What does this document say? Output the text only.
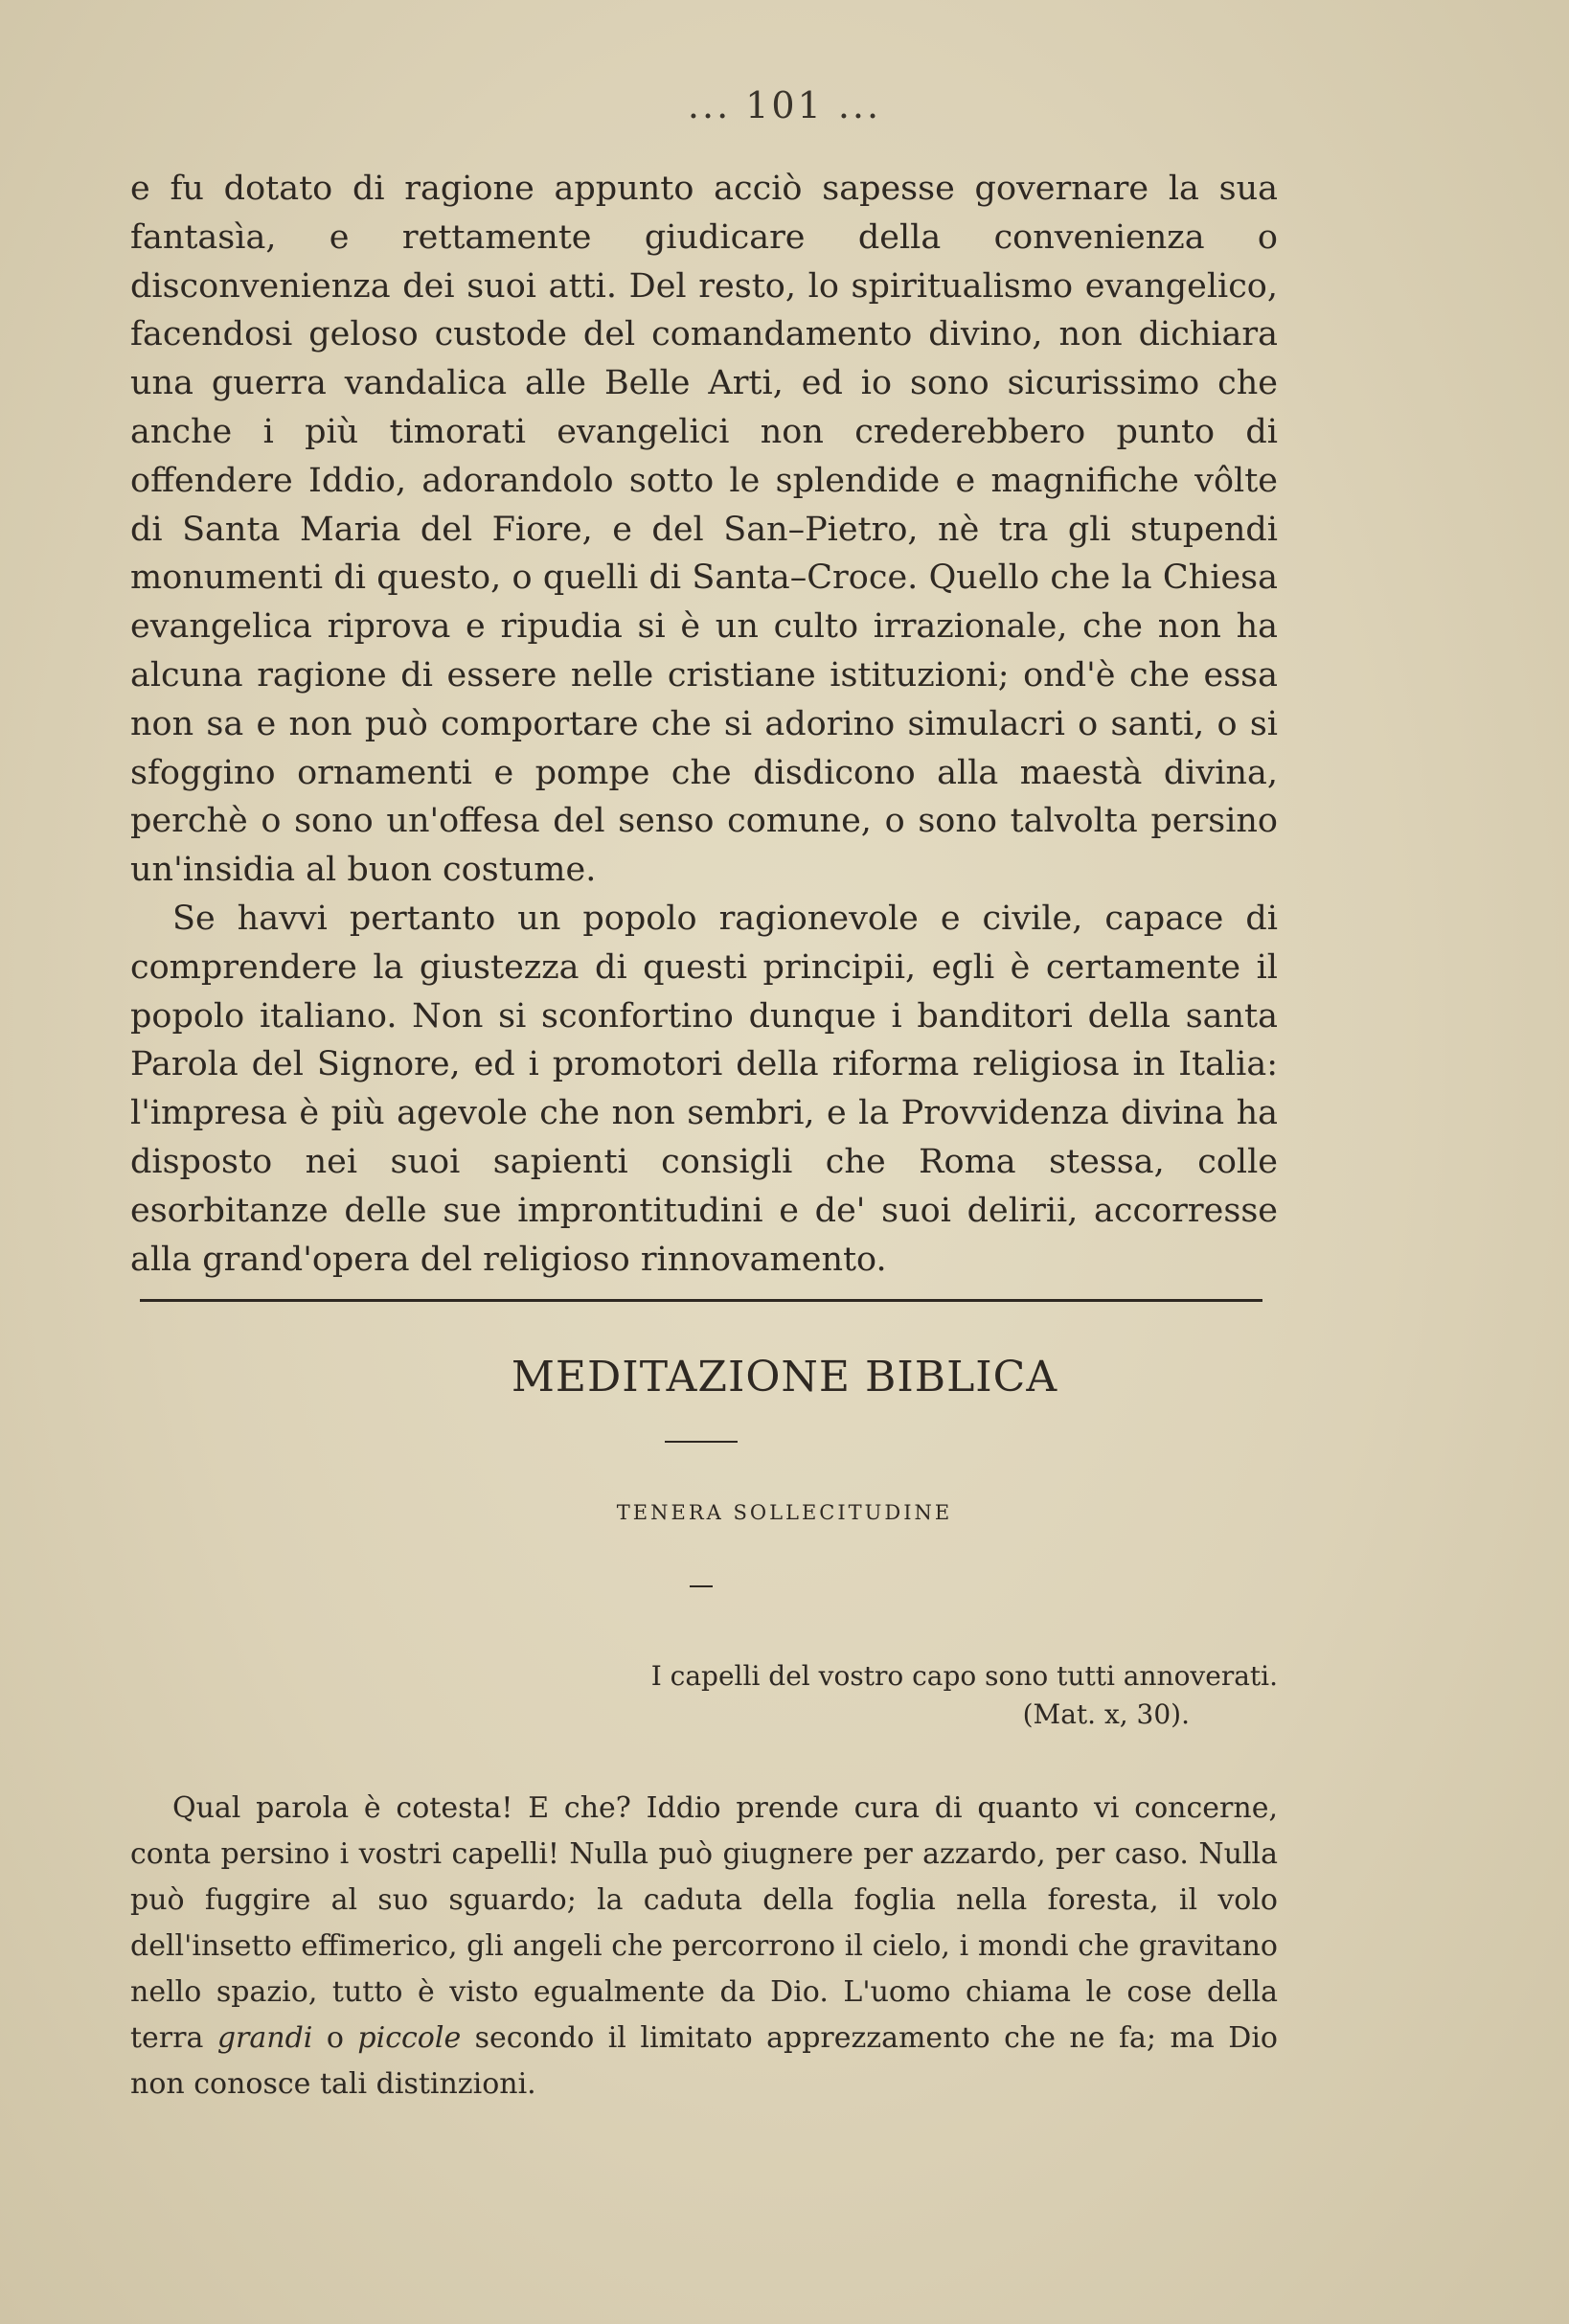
... 101 ...

e fu dotato di ragione appunto acciò sapesse governare la sua fantasìa, e rettamente giudicare della convenienza o disconvenienza dei suoi atti. Del resto, lo spiritualismo evangelico, facendosi geloso custode del comandamento divino, non dichiara una guerra vandalica alle Belle Arti, ed io sono sicurissimo che anche i più timorati evangelici non crederebbero punto di offendere Iddio, adorandolo sotto le splendide e magnifiche vôlte di Santa Maria del Fiore, e del San–Pietro, nè tra gli stupendi monumenti di questo, o quelli di Santa–Croce. Quello che la Chiesa evangelica riprova e ripudia si è un culto irrazionale, che non ha alcuna ragione di essere nelle cristiane istituzioni; ond'è che essa non sa e non può comportare che si adorino simulacri o santi, o si sfoggino ornamenti e pompe che disdicono alla maestà divina, perchè o sono un'offesa del senso comune, o sono talvolta persino un'insidia al buon costume.

Se havvi pertanto un popolo ragionevole e civile, capace di comprendere la giustezza di questi principii, egli è certamente il popolo italiano. Non si sconfortino dunque i banditori della santa Parola del Signore, ed i promotori della riforma religiosa in Italia: l'impresa è più agevole che non sembri, e la Provvidenza divina ha disposto nei suoi sapienti consigli che Roma stessa, colle esorbitanze delle sue improntitudini e de' suoi delirii, accorresse alla grand'opera del religioso rinnovamento.

MEDITAZIONE BIBLICA
TENERA SOLLECITUDINE
I capelli del vostro capo sono tutti annoverati.
(Mat. x, 30).

Qual parola è cotesta! E che? Iddio prende cura di quanto vi concerne, conta persino i vostri capelli! Nulla può giugnere per azzardo, per caso. Nulla può fuggire al suo sguardo; la caduta della foglia nella foresta, il volo dell'insetto effimerico, gli angeli che percorrono il cielo, i mondi che gravitano nello spazio, tutto è visto egualmente da Dio. L'uomo chiama le cose della terra grandi o piccole secondo il limitato apprezzamento che ne fa; ma Dio non conosce tali distinzioni.
